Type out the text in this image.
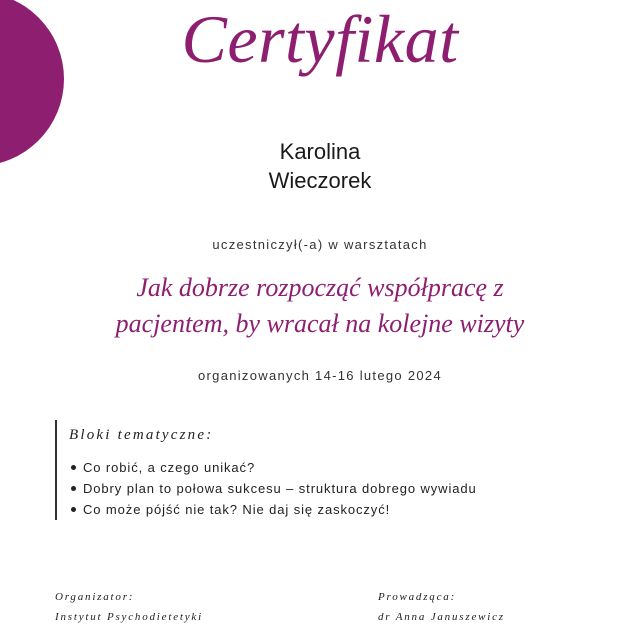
Certyfikat
Karolina
Wieczorek
uczestniczył(-a) w warsztatach
Jak dobrze rozpocząć współpracę z
pacjentem, by wracał na kolejne wizyty
organizowanych 14-16 lutego 2024
Bloki tematyczne:
Co robić, a czego unikać?
Dobry plan to połowa sukcesu – struktura dobrego wywiadu
Co może pójść nie tak? Nie daj się zaskoczyć!
Organizator:
Instytut Psychodietetyki
Prowadząca:
dr Anna Januszewicz
